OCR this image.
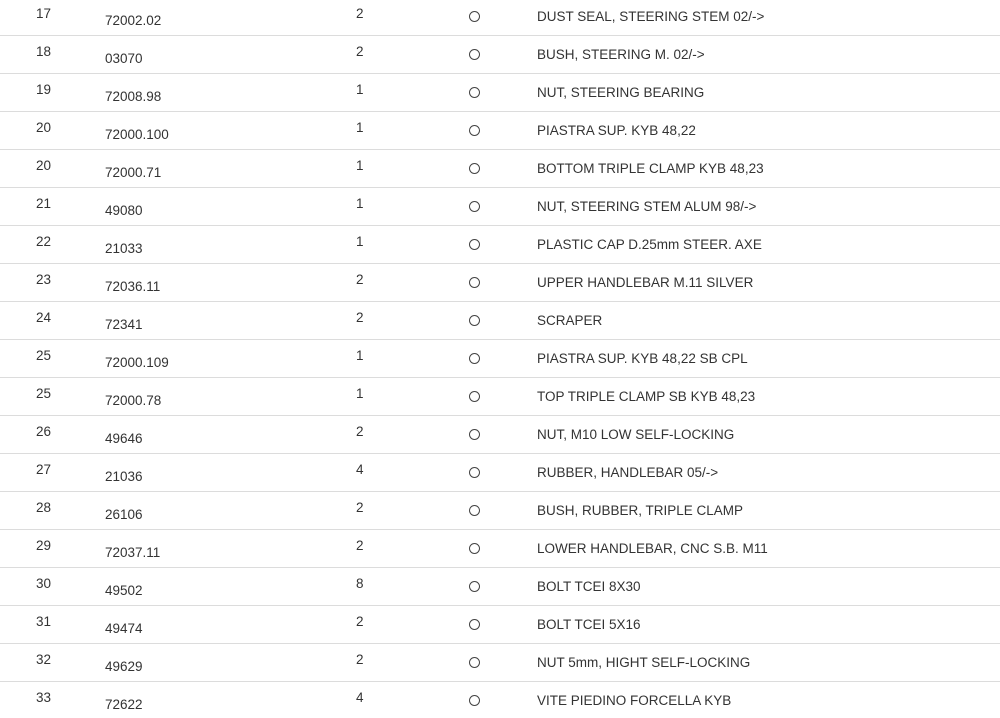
17	72002.02	2	DUST SEAL, STEERING STEM 02/->
18	03070	2	BUSH, STEERING M. 02/->
19	72008.98	1	NUT, STEERING BEARING
20	72000.100	1	PIASTRA SUP. KYB 48,22
20	72000.71	1	BOTTOM TRIPLE CLAMP KYB 48,23
21	49080	1	NUT, STEERING STEM ALUM 98/->
22	21033	1	PLASTIC CAP D.25mm STEER. AXE
23	72036.11	2	UPPER HANDLEBAR M.11 SILVER
24	72341	2	SCRAPER
25	72000.109	1	PIASTRA SUP. KYB 48,22 SB CPL
25	72000.78	1	TOP TRIPLE CLAMP SB KYB 48,23
26	49646	2	NUT, M10 LOW SELF-LOCKING
27	21036	4	RUBBER, HANDLEBAR 05/->
28	26106	2	BUSH, RUBBER, TRIPLE CLAMP
29	72037.11	2	LOWER HANDLEBAR, CNC S.B. M11
30	49502	8	BOLT TCEI 8X30
31	49474	2	BOLT TCEI 5X16
32	49629	2	NUT 5mm, HIGHT SELF-LOCKING
33	72622	4	VITE PIEDINO FORCELLA KYB
